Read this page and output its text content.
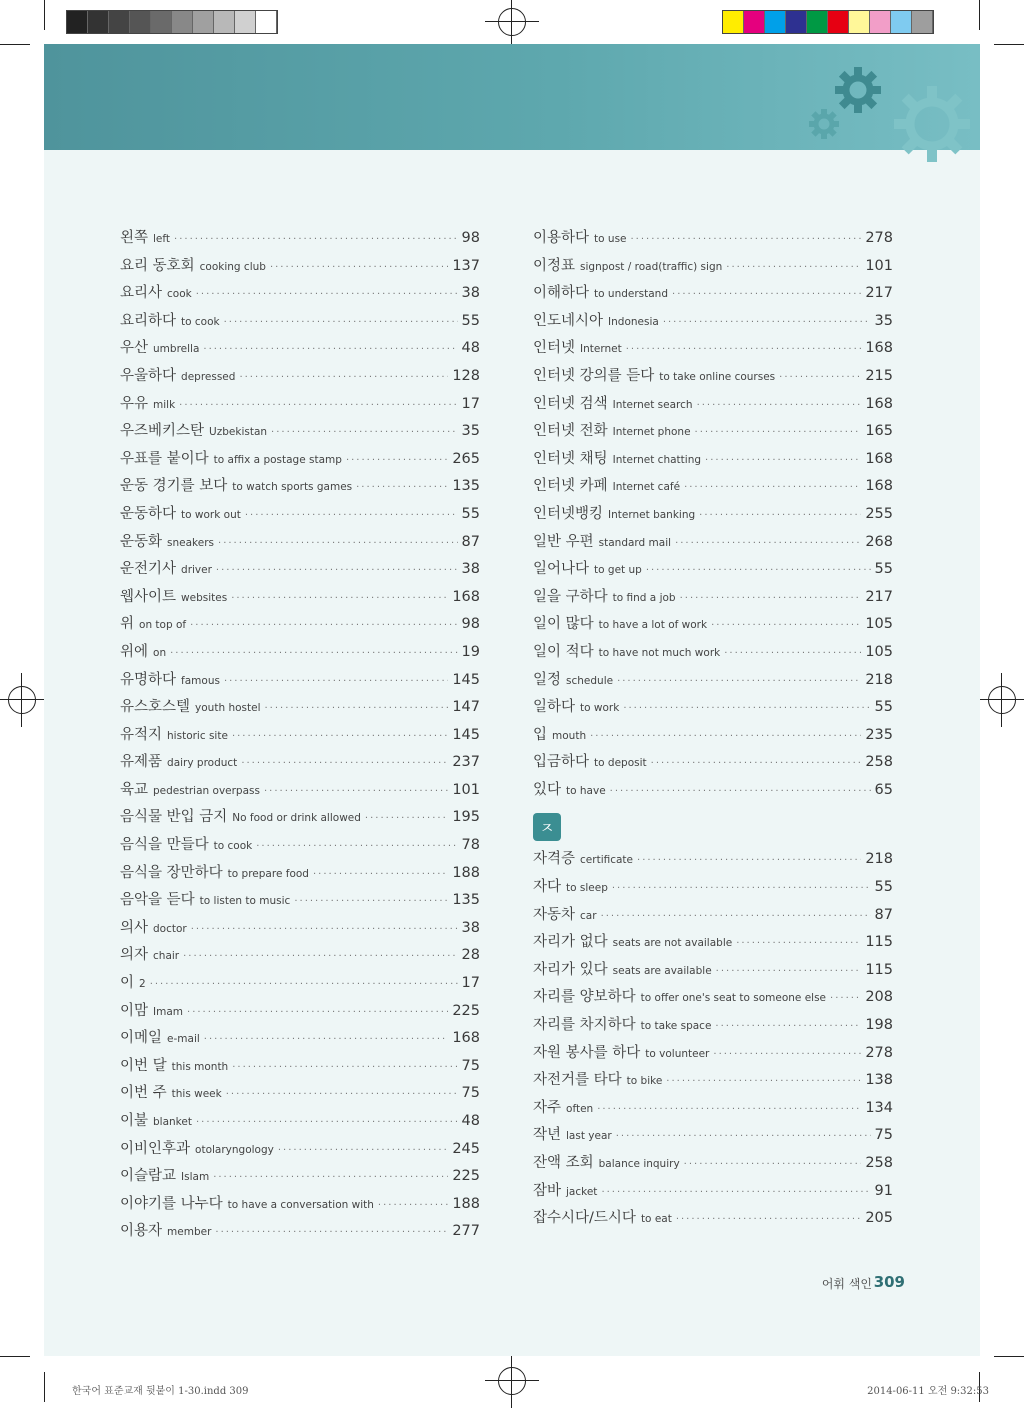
왼쪽 left ·····	98
요리 동호회 cooking club ·····	137
요리사 cook ·····	38
요리하다 to cook ·····	55
우산 umbrella ·····	48
우울하다 depressed ·····	128
우유 milk ·····	17
우즈베키스탄 Uzbekistan ·····	35
우표를 붙이다 to affix a postage stamp ·····	265
운동 경기를 보다 to watch sports games ·····	135
운동하다 to work out ·····	55
운동화 sneakers ·····	87
운전기사 driver ·····	38
웹사이트 websites ·····	168
위 on top of ·····	98
위에 on ·····	19
유명하다 famous ·····	145
유스호스텔 youth hostel ·····	147
유적지 historic site ·····	145
유제품 dairy product ·····	237
육교 pedestrian overpass ·····	101
음식물 반입 금지 No food or drink allowed ·····	195
음식을 만들다 to cook ·····	78
음식을 장만하다 to prepare food ·····	188
음악을 듣다 to listen to music ·····	135
의사 doctor ·····	38
의자 chair ·····	28
이 2 ·····	17
이맘 Imam ·····	225
이메일 e-mail ·····	168
이번 달 this month ·····	75
이번 주 this week ·····	75
이불 blanket ·····	48
이비인후과 otolaryngology ·····	245
이슬람교 Islam ·····	225
이야기를 나누다 to have a conversation with ·····	188
이용자 member ·····	277
이용하다 to use ·····	278
이정표 signpost / road(traffic) sign ·····	101
이해하다 to understand ·····	217
인도네시아 Indonesia ·····	35
인터넷 Internet ·····	168
인터넷 강의를 듣다 to take online courses ·····	215
인터넷 검색 Internet search ·····	168
인터넷 전화 Internet phone ·····	165
인터넷 채팅 Internet chatting ·····	168
인터넷 카페 Internet café ·····	168
인터넷뱅킹 Internet banking ·····	255
일반 우편 standard mail ·····	268
일어나다 to get up ·····	55
일을 구하다 to find a job ·····	217
일이 많다 to have a lot of work ·····	105
일이 적다 to have not much work ·····	105
일정 schedule ·····	218
일하다 to work ·····	55
입 mouth ·····	235
입금하다 to deposit ·····	258
있다 to have ·····	65
ㅈ
자격증 certificate ·····	218
자다 to sleep ·····	55
자동차 car ·····	87
자리가 없다 seats are not available ·····	115
자리가 있다 seats are available ·····	115
자리를 양보하다 to offer one's seat to someone else ·····	208
자리를 차지하다 to take space ·····	198
자원 봉사를 하다 to volunteer ·····	278
자전거를 타다 to bike ·····	138
자주 often ·····	134
작년 last year ·····	75
잔액 조회 balance inquiry ·····	258
잠바 jacket ·····	91
잡수시다/드시다 to eat ·····	205
어휘 색인 309
한국어 표준교재 뒷붙이 1-30.indd 309	2014-06-11 오전 9:32:53
